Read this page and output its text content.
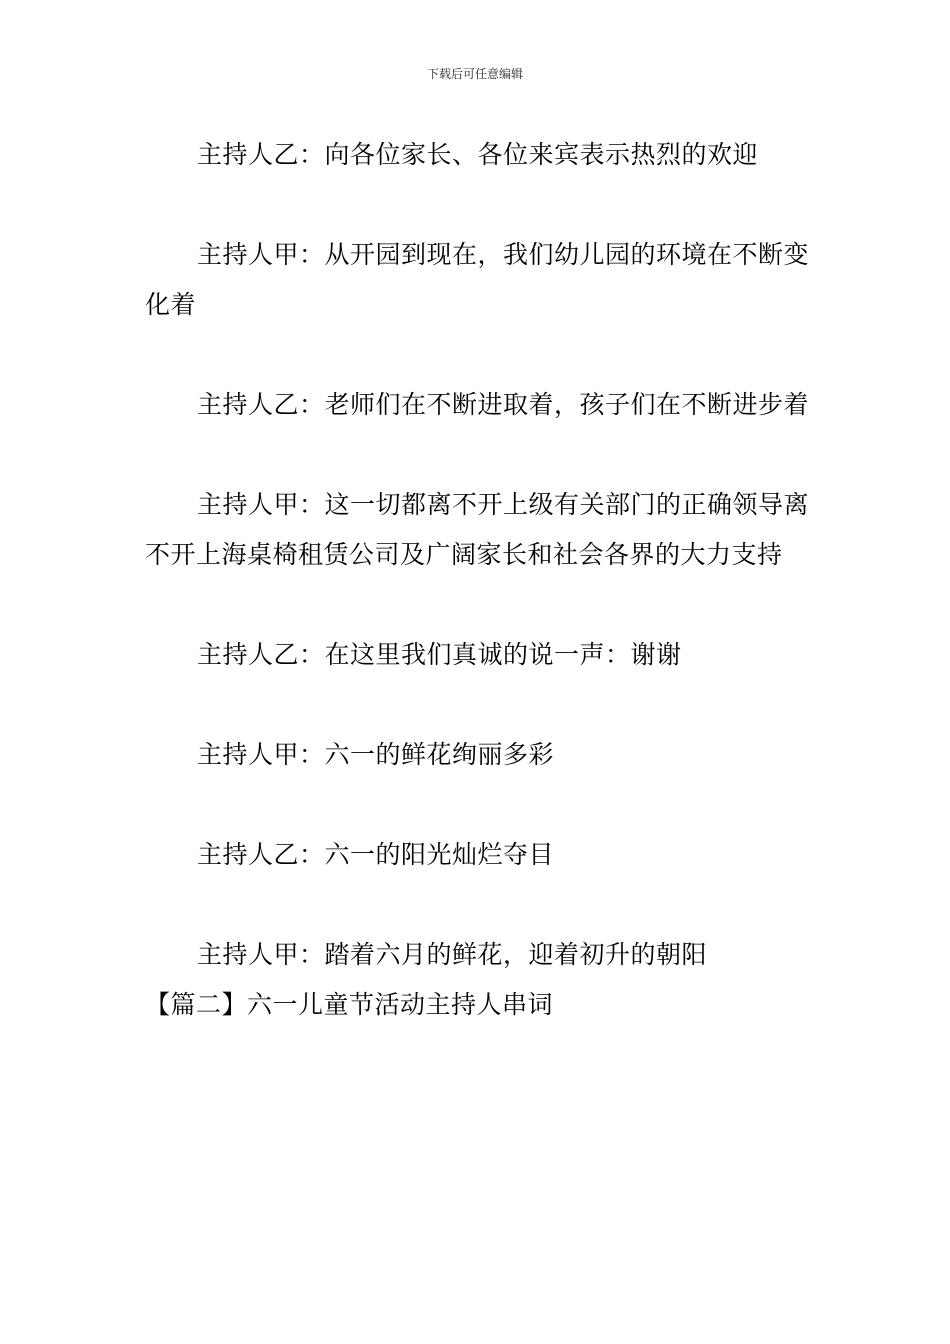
下载后可任意编辑

主持人乙：向各位家长、各位来宾表示热烈的欢迎

主持人甲：从开园到现在，我们幼儿园的环境在不断变化着

主持人乙：老师们在不断进取着，孩子们在不断进步着

主持人甲：这一切都离不开上级有关部门的正确领导离不开上海桌椅租赁公司及广阔家长和社会各界的大力支持

主持人乙：在这里我们真诚的说一声：谢谢

主持人甲：六一的鲜花绚丽多彩

主持人乙：六一的阳光灿烂夺目

主持人甲：踏着六月的鲜花，迎着初升的朝阳

【篇二】六一儿童节活动主持人串词
